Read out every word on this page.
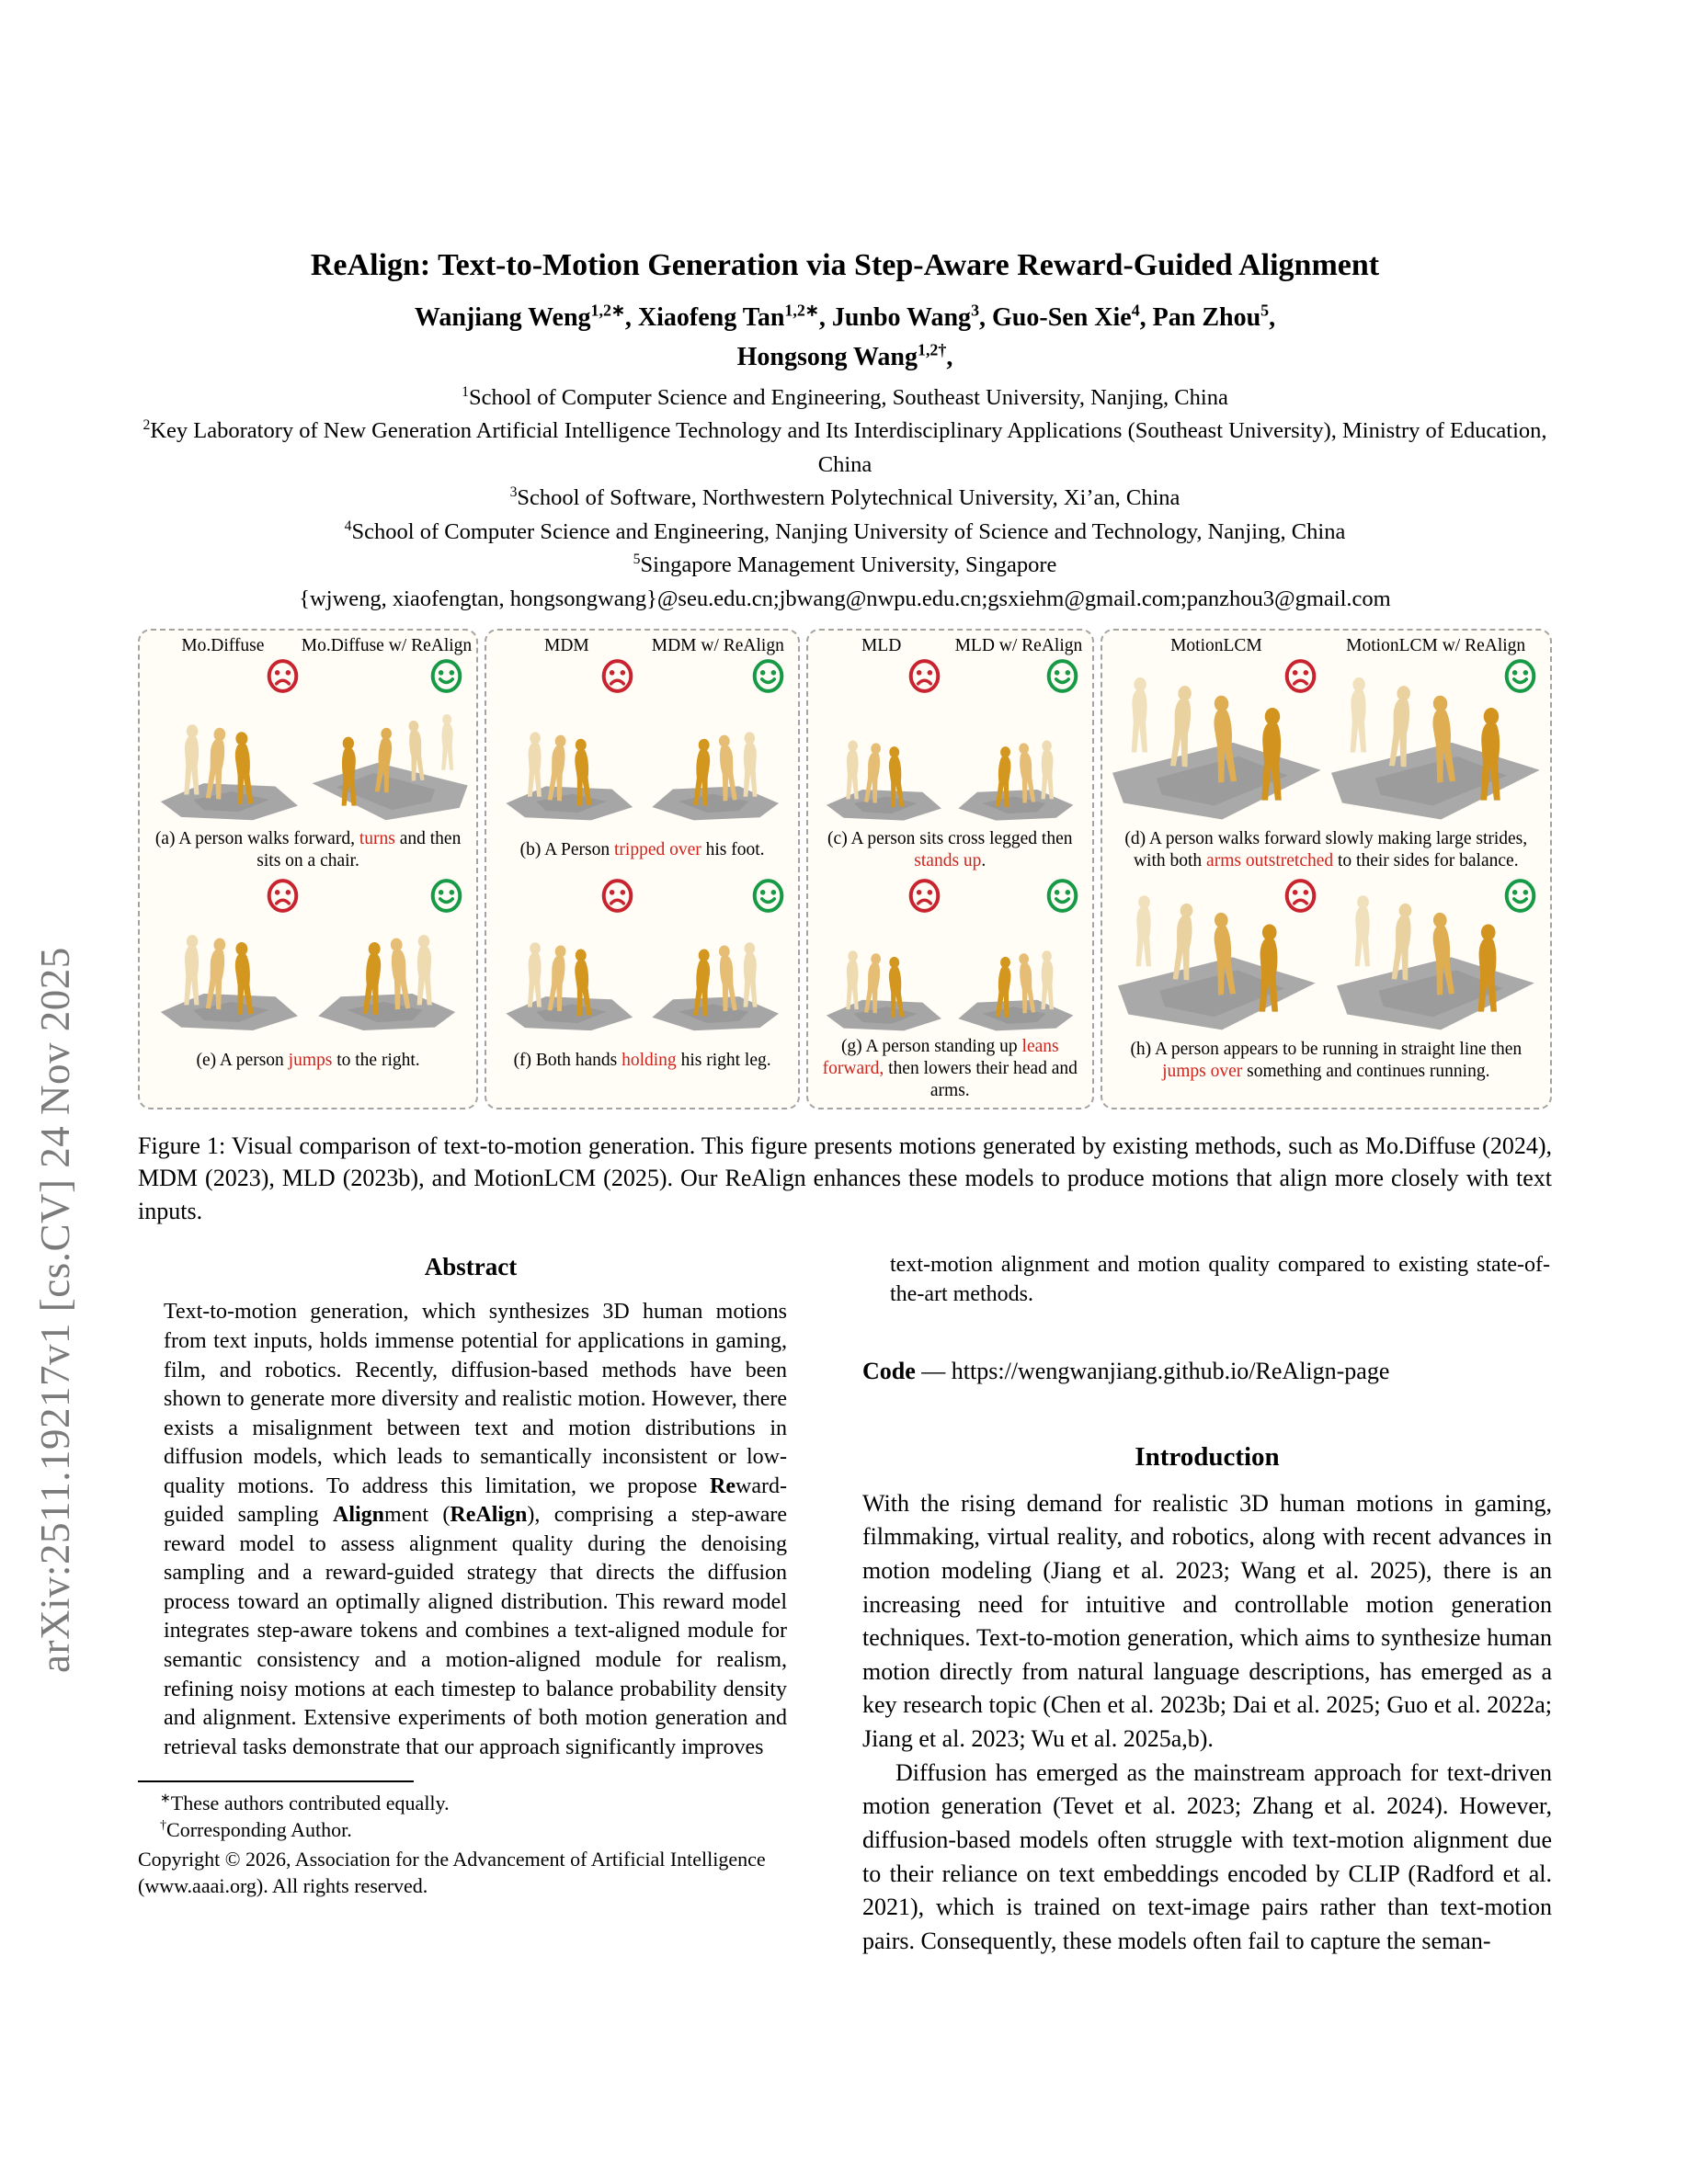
arXiv:2511.19217v1 [cs.CV] 24 Nov 2025
ReAlign: Text-to-Motion Generation via Step-Aware Reward-Guided Alignment
Wanjiang Weng$^{1,2∗}$, Xiaofeng Tan$^{1,2∗}$, Junbo Wang$^3$, Guo-Sen Xie$^4$, Pan Zhou$^5$,
Hongsong Wang$^{1,2\dagger}$,
$^1$School of Computer Science and Engineering, Southeast University, Nanjing, China
$^2$Key Laboratory of New Generation Artificial Intelligence Technology and Its Interdisciplinary Applications (Southeast University), Ministry of Education, China
$^3$School of Software, Northwestern Polytechnical University, Xi’an, China
$^4$School of Computer Science and Engineering, Nanjing University of Science and Technology, Nanjing, China
$^5$Singapore Management University, Singapore
{wjweng, xiaofengtan, hongsongwang}@seu.edu.cn;jbwang@nwpu.edu.cn;gsxiehm@gmail.com;panzhou3@gmail.com
Mo.Diffuse	Mo.Diffuse w/ ReAlign
(a) A person walks forward, turns and then sits on a chair.
(e) A person jumps to the right.
MDM	MDM w/ ReAlign
(b) A Person tripped over his foot.
(f) Both hands holding his right leg.
MLD	MLD w/ ReAlign
(c) A person sits cross legged then stands up.
(g) A person standing up leans forward, then lowers their head and arms.
MotionLCM	MotionLCM w/ ReAlign
(d) A person walks forward slowly making large strides, with both arms outstretched to their sides for balance.
(h) A person appears to be running in straight line then jumps over something and continues running.
Figure 1: Visual comparison of text-to-motion generation. This figure presents motions generated by existing methods, such as Mo.Diffuse (2024), MDM (2023), MLD (2023b), and MotionLCM (2025). Our ReAlign enhances these models to produce motions that align more closely with text inputs.
Abstract
Text-to-motion generation, which synthesizes 3D human motions from text inputs, holds immense potential for applications in gaming, film, and robotics. Recently, diffusion-based methods have been shown to generate more diversity and realistic motion. However, there exists a misalignment between text and motion distributions in diffusion models, which leads to semantically inconsistent or low-quality motions. To address this limitation, we propose Reward-guided sampling Alignment (ReAlign), comprising a step-aware reward model to assess alignment quality during the denoising sampling and a reward-guided strategy that directs the diffusion process toward an optimally aligned distribution. This reward model integrates step-aware tokens and combines a text-aligned module for semantic consistency and a motion-aligned module for realism, refining noisy motions at each timestep to balance probability density and alignment. Extensive experiments of both motion generation and retrieval tasks demonstrate that our approach significantly improves
∗These authors contributed equally.
†Corresponding Author.
Copyright © 2026, Association for the Advancement of Artificial Intelligence (www.aaai.org). All rights reserved.
text-motion alignment and motion quality compared to existing state-of-the-art methods.
Code — https://wengwanjiang.github.io/ReAlign-page
Introduction
With the rising demand for realistic 3D human motions in gaming, filmmaking, virtual reality, and robotics, along with recent advances in motion modeling (Jiang et al. 2023; Wang et al. 2025), there is an increasing need for intuitive and controllable motion generation techniques. Text-to-motion generation, which aims to synthesize human motion directly from natural language descriptions, has emerged as a key research topic (Chen et al. 2023b; Dai et al. 2025; Guo et al. 2022a; Jiang et al. 2023; Wu et al. 2025a,b).
Diffusion has emerged as the mainstream approach for text-driven motion generation (Tevet et al. 2023; Zhang et al. 2024). However, diffusion-based models often struggle with text-motion alignment due to their reliance on text embeddings encoded by CLIP (Radford et al. 2021), which is trained on text-image pairs rather than text-motion pairs. Consequently, these models often fail to capture the seman-
